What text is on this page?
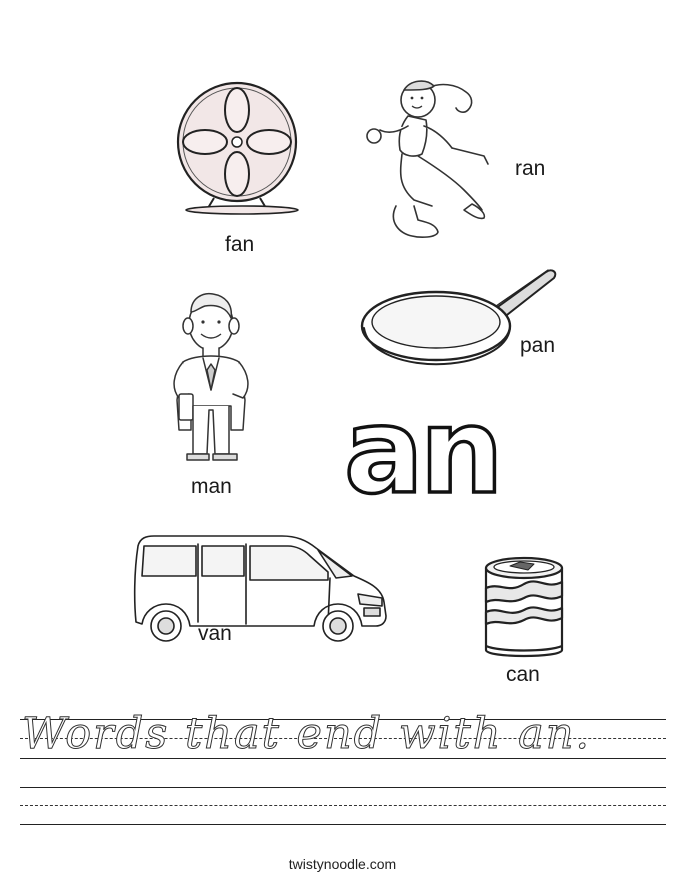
an
fan
ran
pan
man
van
can
Words that end with an.
twistynoodle.com
